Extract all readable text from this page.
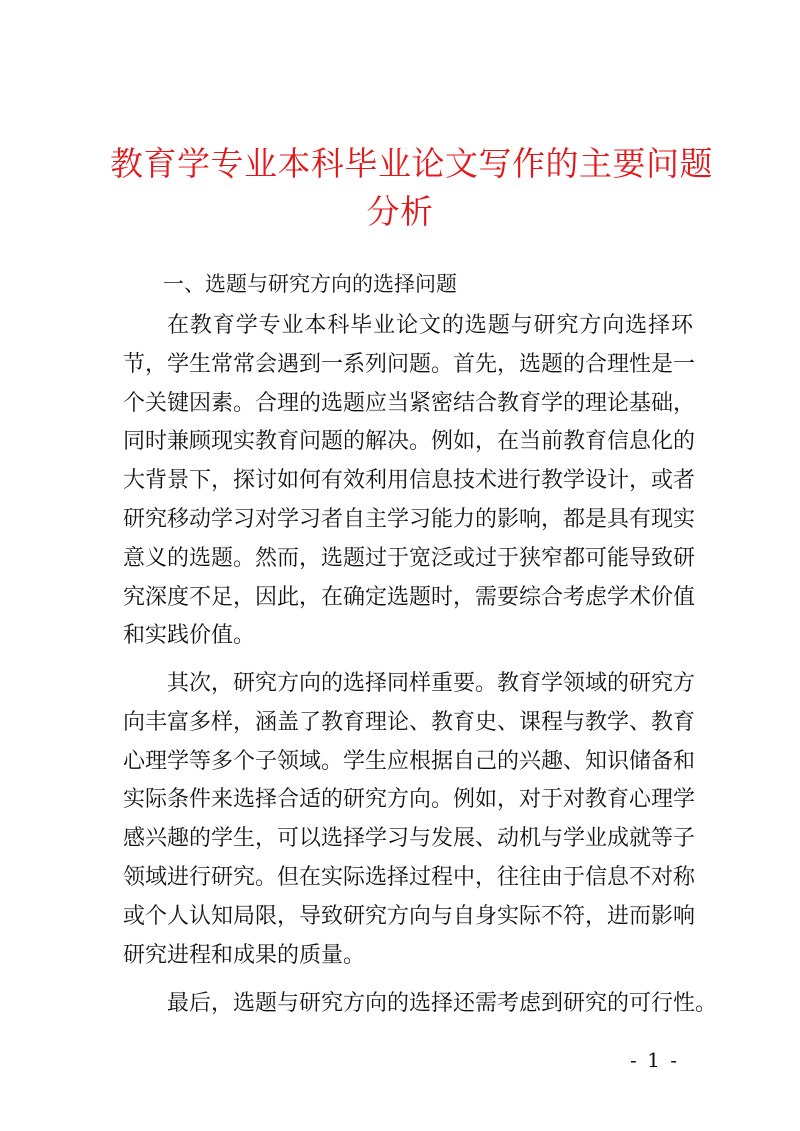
教育学专业本科毕业论文写作的主要问题
分析
一、选题与研究方向的选择问题
在教育学专业本科毕业论文的选题与研究方向选择环
节，学生常常会遇到一系列问题。首先，选题的合理性是一
个关键因素。合理的选题应当紧密结合教育学的理论基础，
同时兼顾现实教育问题的解决。例如，在当前教育信息化的
大背景下，探讨如何有效利用信息技术进行教学设计，或者
研究移动学习对学习者自主学习能力的影响，都是具有现实
意义的选题。然而，选题过于宽泛或过于狭窄都可能导致研
究深度不足，因此，在确定选题时，需要综合考虑学术价值
和实践价值。
其次，研究方向的选择同样重要。教育学领域的研究方
向丰富多样，涵盖了教育理论、教育史、课程与教学、教育
心理学等多个子领域。学生应根据自己的兴趣、知识储备和
实际条件来选择合适的研究方向。例如，对于对教育心理学
感兴趣的学生，可以选择学习与发展、动机与学业成就等子
领域进行研究。但在实际选择过程中，往往由于信息不对称
或个人认知局限，导致研究方向与自身实际不符，进而影响
研究进程和成果的质量。
最后，选题与研究方向的选择还需考虑到研究的可行性。
- 1 -
